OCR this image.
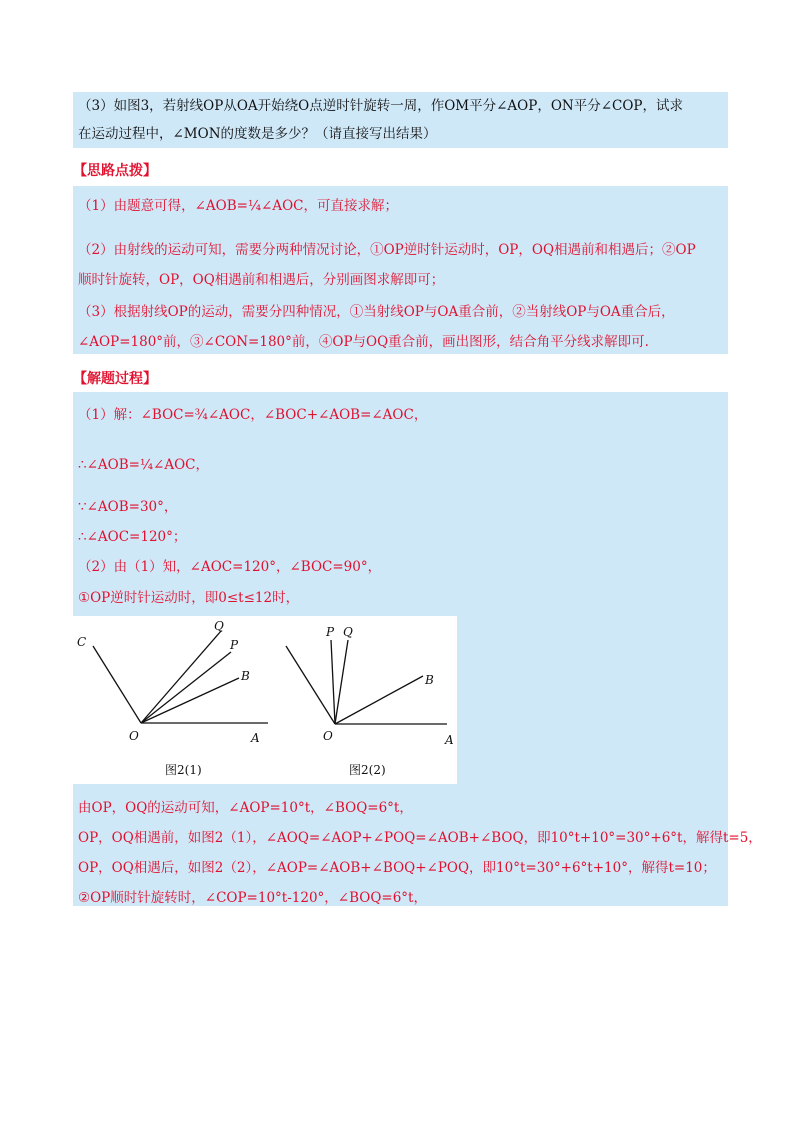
（3）如图3，若射线OP从OA开始绕O点逆时针旋转一周，作OM平分∠AOP，ON平分∠COP，试求
在运动过程中，∠MON的度数是多少？（请直接写出结果）
【思路点拨】
（1）由题意可得，∠AOB=¼∠AOC，可直接求解；
（2）由射线的运动可知，需要分两种情况讨论，①OP逆时针运动时，OP，OQ相遇前和相遇后；②OP
顺时针旋转，OP，OQ相遇前和相遇后，分别画图求解即可；
（3）根据射线OP的运动，需要分四种情况，①当射线OP与OA重合前，②当射线OP与OA重合后，
∠AOP=180°前，③∠CON=180°前，④OP与OQ重合前，画出图形，结合角平分线求解即可.
【解题过程】
（1）解：∠BOC=¾∠AOC，∠BOC+∠AOB=∠AOC，
∴∠AOB=¼∠AOC，
∵∠AOB=30°，
∴∠AOC=120°；
（2）由（1）知，∠AOC=120°，∠BOC=90°，
①OP逆时针运动时，即0≤t≤12时，
C
Q
P
B
O	A
图2(1)
P Q
B
O	A
图2(2)
由OP，OQ的运动可知，∠AOP=10°t，∠BOQ=6°t，
OP，OQ相遇前，如图2（1），∠AOQ=∠AOP+∠POQ=∠AOB+∠BOQ，即10°t+10°=30°+6°t，解得t=5，
OP，OQ相遇后，如图2（2），∠AOP=∠AOB+∠BOQ+∠POQ，即10°t=30°+6°t+10°，解得t=10；
②OP顺时针旋转时，∠COP=10°t-120°，∠BOQ=6°t，
